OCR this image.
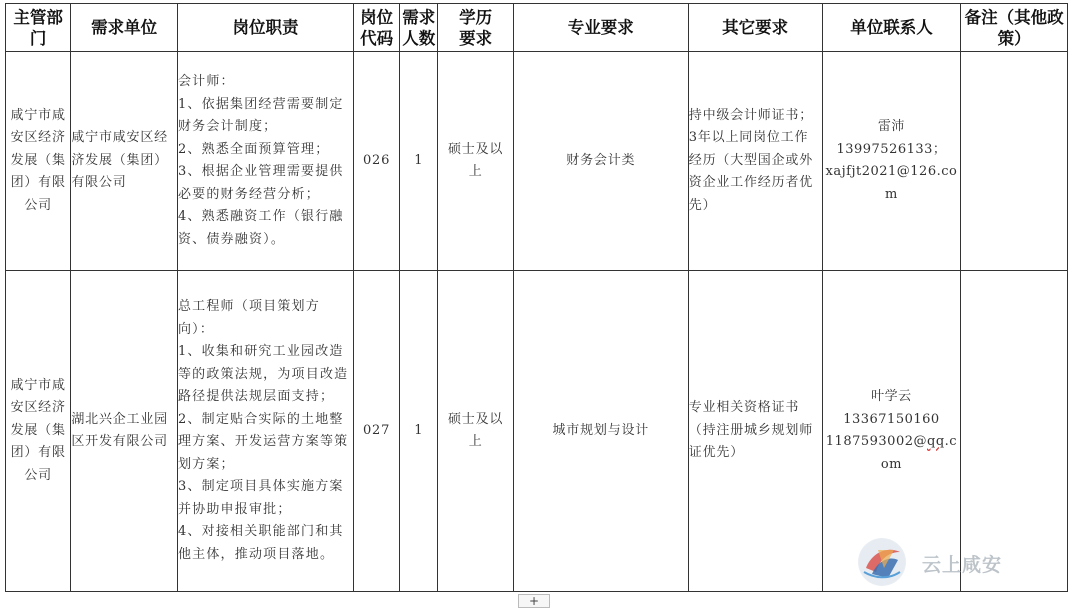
主管部门	需求单位	岗位职责	岗位代码	需求人数	学历要求	专业要求	其它要求	单位联系人	备注（其他政策）
咸宁市咸安区经济发展（集团）有限公司	咸宁市咸安区经济发展（集团）有限公司	会计师：
1、依据集团经营需要制定财务会计制度；
2、熟悉全面预算管理；
3、根据企业管理需要提供必要的财务经营分析；
4、熟悉融资工作（银行融资、债券融资）。	026	1	硕士及以上	财务会计类	持中级会计师证书；3年以上同岗位工作经历（大型国企或外资企业工作经历者优先）	雷沛
13997526133；
xajfjt2021@126.com	
咸宁市咸安区经济发展（集团）有限公司	湖北兴企工业园区开发有限公司	总工程师（项目策划方向）：
1、收集和研究工业园改造等的政策法规，为项目改造路径提供法规层面支持；
2、制定贴合实际的土地整理方案、开发运营方案等策划方案；
3、制定项目具体实施方案并协助申报审批；
4、对接相关职能部门和其他主体，推动项目落地。	027	1	硕士及以上	城市规划与设计	专业相关资格证书（持注册城乡规划师证优先）	叶学云
13367150160
1187593002@qq.com	
+
云上咸安
